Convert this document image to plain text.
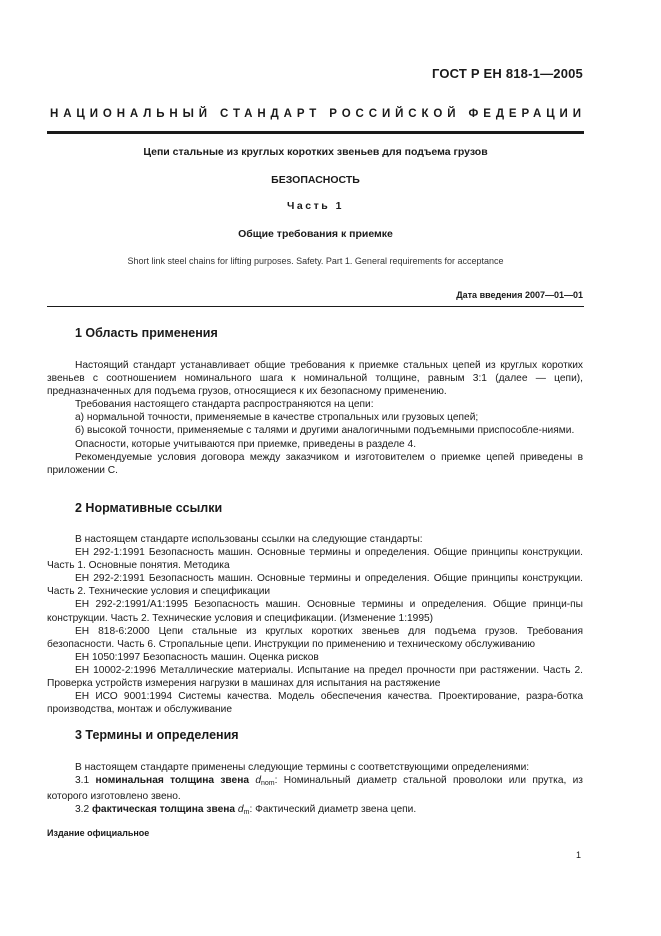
ГОСТ Р ЕН 818-1—2005
НАЦИОНАЛЬНЫЙ СТАНДАРТ РОССИЙСКОЙ ФЕДЕРАЦИИ
Цепи стальные из круглых коротких звеньев для подъема грузов
БЕЗОПАСНОСТЬ
Часть 1
Общие требования к приемке
Short link steel chains for lifting purposes. Safety. Part 1. General requirements for acceptance
Дата введения 2007—01—01
1 Область применения

Настоящий стандарт устанавливает общие требования к приемке стальных цепей из круглых коротких звеньев с соотношением номинального шага к номинальной толщине, равным 3:1 (далее — цепи), предназначенных для подъема грузов, относящиеся к их безопасному применению.

Требования настоящего стандарта распространяются на цепи:

а) нормальной точности, применяемые в качестве стропальных или грузовых цепей;

б) высокой точности, применяемые с талями и другими аналогичными подъемными приспособле-ниями.

Опасности, которые учитываются при приемке, приведены в разделе 4.

Рекомендуемые условия договора между заказчиком и изготовителем о приемке цепей приведены в приложении С.

2 Нормативные ссылки

В настоящем стандарте использованы ссылки на следующие стандарты:

ЕН 292-1:1991 Безопасность машин. Основные термины и определения. Общие принципы конструкции. Часть 1. Основные понятия. Методика

ЕН 292-2:1991 Безопасность машин. Основные термины и определения. Общие принципы конструкции. Часть 2. Технические условия и спецификации

ЕН 292-2:1991/А1:1995 Безопасность машин. Основные термины и определения. Общие принци-пы конструкции. Часть 2. Технические условия и спецификации. (Изменение 1:1995)

ЕН 818-6:2000 Цепи стальные из круглых коротких звеньев для подъема грузов. Требования безопасности. Часть 6. Стропальные цепи. Инструкции по применению и техническому обслуживанию

ЕН 1050:1997 Безопасность машин. Оценка рисков

ЕН 10002-2:1996 Металлические материалы. Испытание на предел прочности при растяжении. Часть 2. Проверка устройств измерения нагрузки в машинах для испытания на растяжение

ЕН ИСО 9001:1994 Системы качества. Модель обеспечения качества. Проектирование, разра-ботка производства, монтаж и обслуживание

3 Термины и определения

В настоящем стандарте применены следующие термины с соответствующими определениями:

3.1 номинальная толщина звена $d_{nom}$: Номинальный диаметр стальной проволоки или прутка, из которого изготовлено звено.

3.2 фактическая толщина звена $d_m$: Фактический диаметр звена цепи.

Издание официальное
1
